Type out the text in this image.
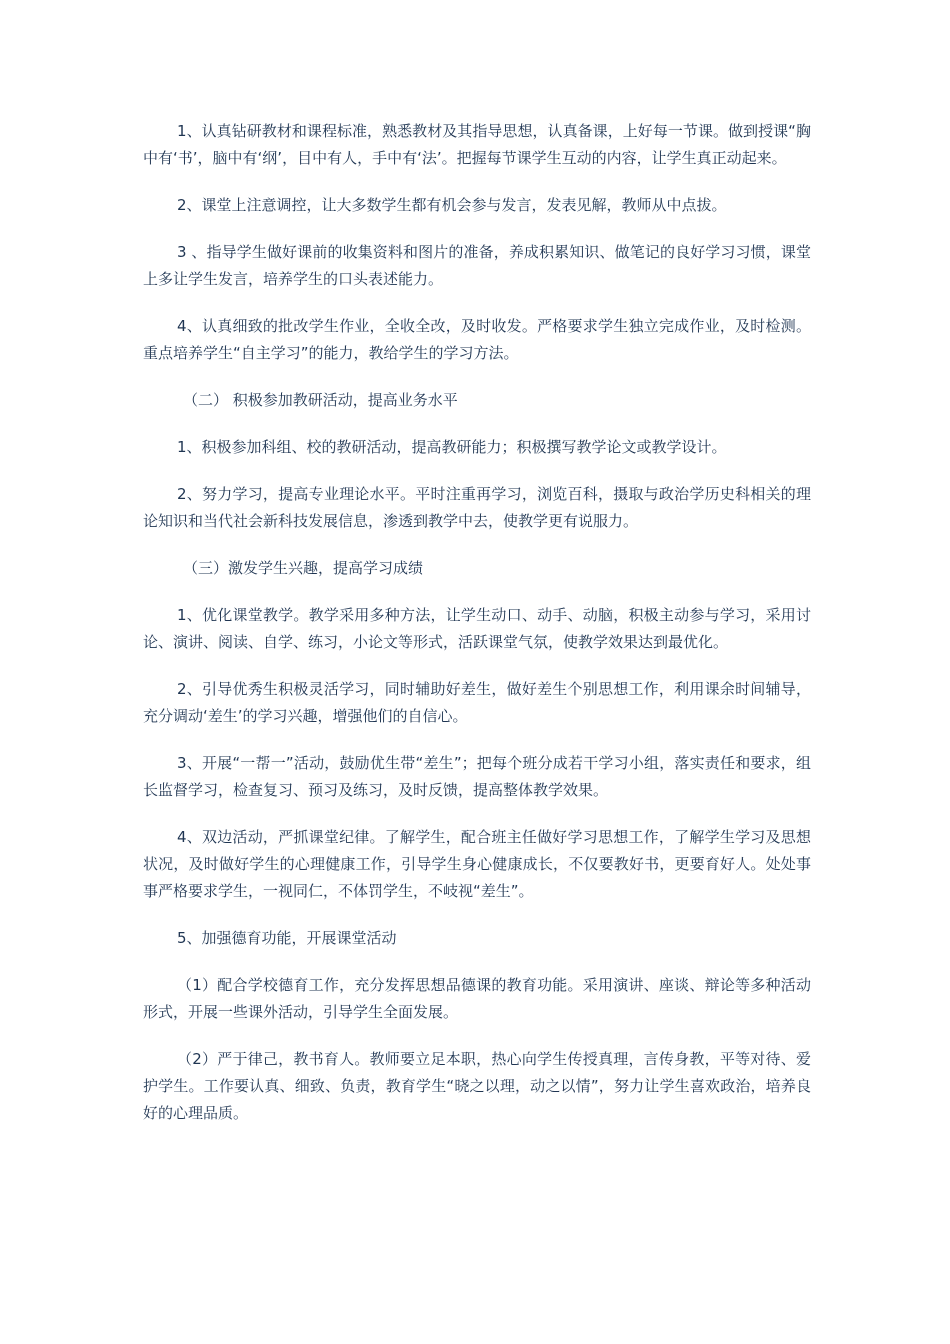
1、认真钻研教材和课程标准，熟悉教材及其指导思想，认真备课，上好每一节课。做到授课“胸中有‘书’，脑中有‘纲’，目中有人，手中有‘法’。把握每节课学生互动的内容，让学生真正动起来。

2、课堂上注意调控，让大多数学生都有机会参与发言，发表见解，教师从中点拔。

3 、指导学生做好课前的收集资料和图片的准备，养成积累知识、做笔记的良好学习习惯，课堂上多让学生发言，培养学生的口头表述能力。

4、认真细致的批改学生作业，全收全改，及时收发。严格要求学生独立完成作业，及时检测。重点培养学生“自主学习”的能力，教给学生的学习方法。

（二） 积极参加教研活动，提高业务水平

1、积极参加科组、校的教研活动，提高教研能力；积极撰写教学论文或教学设计。

2、努力学习，提高专业理论水平。平时注重再学习，浏览百科，摄取与政治学历史科相关的理论知识和当代社会新科技发展信息，渗透到教学中去，使教学更有说服力。

（三）激发学生兴趣，提高学习成绩

1、优化课堂教学。教学采用多种方法，让学生动口、动手、动脑，积极主动参与学习，采用讨论、演讲、阅读、自学、练习，小论文等形式，活跃课堂气氛，使教学效果达到最优化。

2、引导优秀生积极灵活学习，同时辅助好差生，做好差生个别思想工作，利用课余时间辅导，充分调动‘差生’的学习兴趣，增强他们的自信心。

3、开展“一帮一”活动，鼓励优生带“差生”；把每个班分成若干学习小组，落实责任和要求，组长监督学习，检查复习、预习及练习，及时反馈，提高整体教学效果。

4、双边活动，严抓课堂纪律。了解学生，配合班主任做好学习思想工作，了解学生学习及思想状况，及时做好学生的心理健康工作，引导学生身心健康成长，不仅要教好书，更要育好人。处处事事严格要求学生，一视同仁，不体罚学生，不岐视“差生”。

5、加强德育功能，开展课堂活动

（1）配合学校德育工作，充分发挥思想品德课的教育功能。采用演讲、座谈、辩论等多种活动形式，开展一些课外活动，引导学生全面发展。

（2）严于律己，教书育人。教师要立足本职，热心向学生传授真理，言传身教，平等对待、爱护学生。工作要认真、细致、负责，教育学生“晓之以理，动之以情”，努力让学生喜欢政治，培养良好的心理品质。
